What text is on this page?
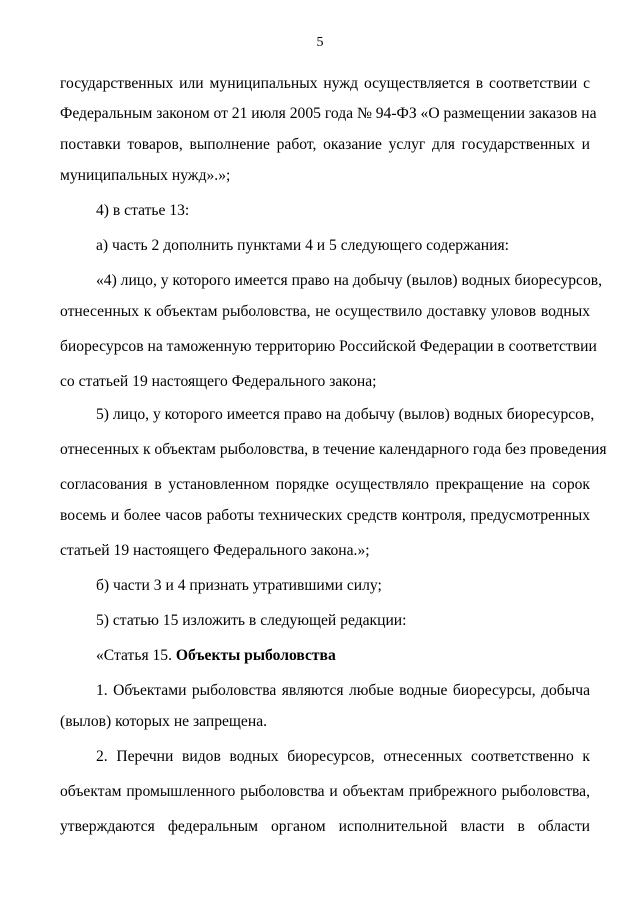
5
государственных или муниципальных нужд осуществляется в соответствии с
Федеральным законом от 21 июля 2005 года № 94-ФЗ «О размещении заказов на
поставки товаров, выполнение работ, оказание услуг для государственных и
муниципальных нужд».»;
4) в статье 13:
а) часть 2 дополнить пунктами 4 и 5 следующего содержания:
«4) лицо, у которого имеется право на добычу (вылов) водных биоресурсов,
отнесенных к объектам рыболовства, не осуществило доставку уловов водных
биоресурсов на таможенную территорию Российской Федерации в соответствии
со статьей 19 настоящего Федерального закона;
5) лицо, у которого имеется право на добычу (вылов) водных биоресурсов,
отнесенных к объектам рыболовства, в течение календарного года без проведения
согласования в установленном порядке осуществляло прекращение на сорок
восемь и более часов работы технических средств контроля, предусмотренных
статьей 19 настоящего Федерального закона.»;
б) части 3 и 4 признать утратившими силу;
5) статью 15 изложить в следующей редакции:
«Статья 15. Объекты рыболовства
1. Объектами рыболовства являются любые водные биоресурсы, добыча
(вылов) которых не запрещена.
2. Перечни видов водных биоресурсов, отнесенных соответственно к
объектам промышленного рыболовства и объектам прибрежного рыболовства,
утверждаются федеральным органом исполнительной власти в области
